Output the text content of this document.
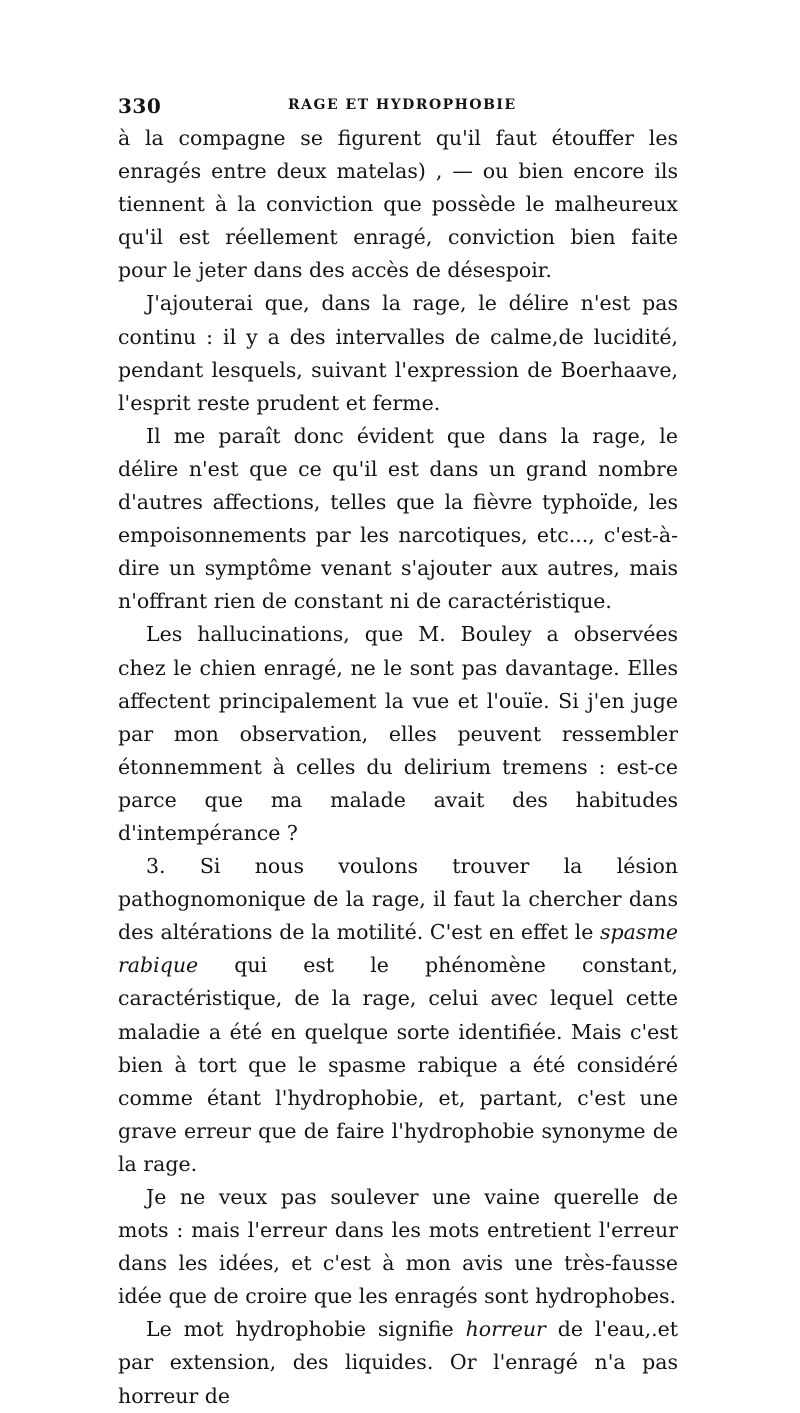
330	RAGE ET HYDROPHOBIE

à la compagne se figurent qu'il faut étouffer les enragés entre deux matelas) , — ou bien encore ils tiennent à la conviction que possède le malheureux qu'il est réellement enragé, conviction bien faite pour le jeter dans des accès de désespoir.

J'ajouterai que, dans la rage, le délire n'est pas continu : il y a des intervalles de calme,de lucidité, pendant lesquels, suivant l'expression de Boerhaave, l'esprit reste prudent et ferme.

Il me paraît donc évident que dans la rage, le délire n'est que ce qu'il est dans un grand nombre d'autres affections, telles que la fièvre typhoïde, les empoisonnements par les narcotiques, etc..., c'est-à-dire un symptôme venant s'ajouter aux autres, mais n'offrant rien de constant ni de caractéristique.

Les hallucinations, que M. Bouley a observées chez le chien enragé, ne le sont pas davantage. Elles affectent principalement la vue et l'ouïe. Si j'en juge par mon observation, elles peuvent ressembler étonnemment à celles du delirium tremens : est-ce parce que ma malade avait des habitudes d'intempérance ?

3. Si nous voulons trouver la lésion pathognomonique de la rage, il faut la chercher dans des altérations de la motilité. C'est en effet le spasme rabique qui est le phénomène constant, caractéristique, de la rage, celui avec lequel cette maladie a été en quelque sorte identifiée. Mais c'est bien à tort que le spasme rabique a été considéré comme étant l'hydrophobie, et, partant, c'est une grave erreur que de faire l'hydrophobie synonyme de la rage.

Je ne veux pas soulever une vaine querelle de mots : mais l'erreur dans les mots entretient l'erreur dans les idées, et c'est à mon avis une très-fausse idée que de croire que les enragés sont hydrophobes.

Le mot hydrophobie signifie horreur de l'eau,.et par extension, des liquides. Or l'enragé n'a pas horreur de
